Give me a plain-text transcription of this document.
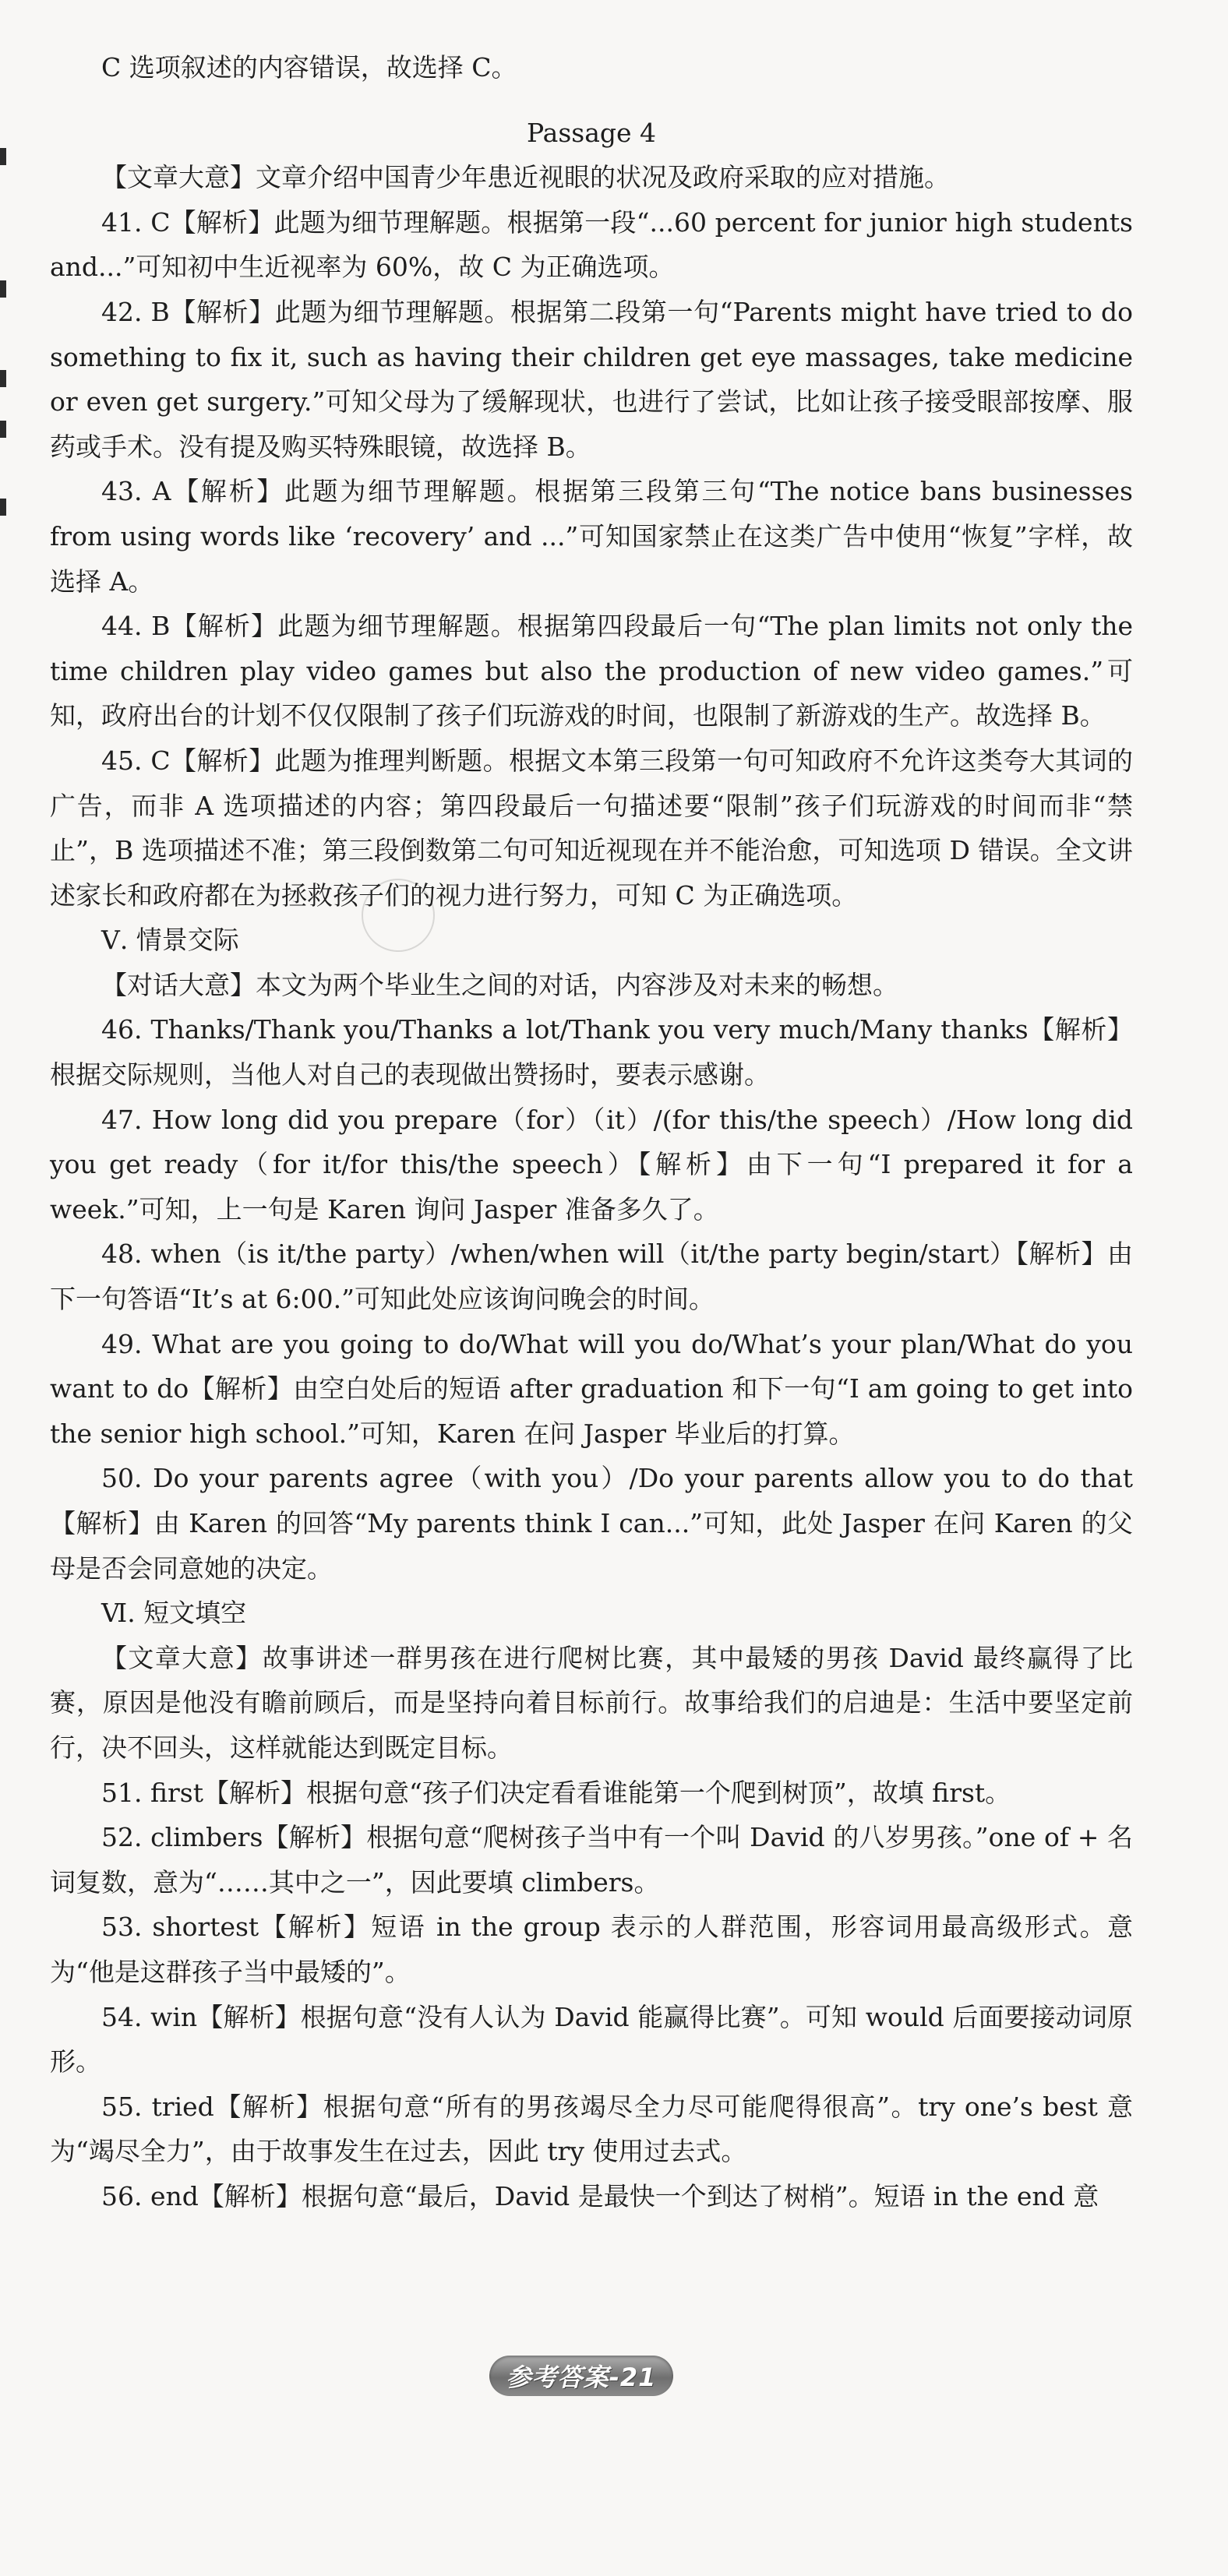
C 选项叙述的内容错误，故选择 C。

Passage 4

【文章大意】文章介绍中国青少年患近视眼的状况及政府采取的应对措施。

41. C【解析】此题为细节理解题。根据第一段“...60 percent for junior high students and...”可知初中生近视率为 60%，故 C 为正确选项。

42. B【解析】此题为细节理解题。根据第二段第一句“Parents might have tried to do something to fix it, such as having their children get eye massages, take medicine or even get surgery.”可知父母为了缓解现状，也进行了尝试，比如让孩子接受眼部按摩、服药或手术。没有提及购买特殊眼镜，故选择 B。

43. A【解析】此题为细节理解题。根据第三段第三句“The notice bans businesses from using words like ‘recovery’ and ...”可知国家禁止在这类广告中使用“恢复”字样，故选择 A。

44. B【解析】此题为细节理解题。根据第四段最后一句“The plan limits not only the time children play video games but also the production of new video games.”可知，政府出台的计划不仅仅限制了孩子们玩游戏的时间，也限制了新游戏的生产。故选择 B。

45. C【解析】此题为推理判断题。根据文本第三段第一句可知政府不允许这类夸大其词的广告，而非 A 选项描述的内容；第四段最后一句描述要“限制”孩子们玩游戏的时间而非“禁止”，B 选项描述不准；第三段倒数第二句可知近视现在并不能治愈，可知选项 D 错误。全文讲述家长和政府都在为拯救孩子们的视力进行努力，可知 C 为正确选项。

Ⅴ. 情景交际

【对话大意】本文为两个毕业生之间的对话，内容涉及对未来的畅想。

46. Thanks/Thank you/Thanks a lot/Thank you very much/Many thanks【解析】根据交际规则，当他人对自己的表现做出赞扬时，要表示感谢。

47. How long did you prepare（for）（it）/(for this/the speech）/How long did you get ready（for it/for this/the speech）【解析】由下一句“I prepared it for a week.”可知，上一句是 Karen 询问 Jasper 准备多久了。

48. when（is it/the party）/when/when will（it/the party begin/start）【解析】由下一句答语“It’s at 6:00.”可知此处应该询问晚会的时间。

49. What are you going to do/What will you do/What’s your plan/What do you want to do【解析】由空白处后的短语 after graduation 和下一句“I am going to get into the senior high school.”可知，Karen 在问 Jasper 毕业后的打算。

50. Do your parents agree（with you）/Do your parents allow you to do that【解析】由 Karen 的回答“My parents think I can...”可知，此处 Jasper 在问 Karen 的父母是否会同意她的决定。

Ⅵ. 短文填空

【文章大意】故事讲述一群男孩在进行爬树比赛，其中最矮的男孩 David 最终赢得了比赛，原因是他没有瞻前顾后，而是坚持向着目标前行。故事给我们的启迪是：生活中要坚定前行，决不回头，这样就能达到既定目标。

51. first【解析】根据句意“孩子们决定看看谁能第一个爬到树顶”，故填 first。

52. climbers【解析】根据句意“爬树孩子当中有一个叫 David 的八岁男孩。”one of + 名词复数，意为“……其中之一”，因此要填 climbers。

53. shortest【解析】短语 in the group 表示的人群范围，形容词用最高级形式。意为“他是这群孩子当中最矮的”。

54. win【解析】根据句意“没有人认为 David 能赢得比赛”。可知 would 后面要接动词原形。

55. tried【解析】根据句意“所有的男孩竭尽全力尽可能爬得很高”。try one’s best 意为“竭尽全力”，由于故事发生在过去，因此 try 使用过去式。

56. end【解析】根据句意“最后，David 是最快一个到达了树梢”。短语 in the end 意

参考答案-21
